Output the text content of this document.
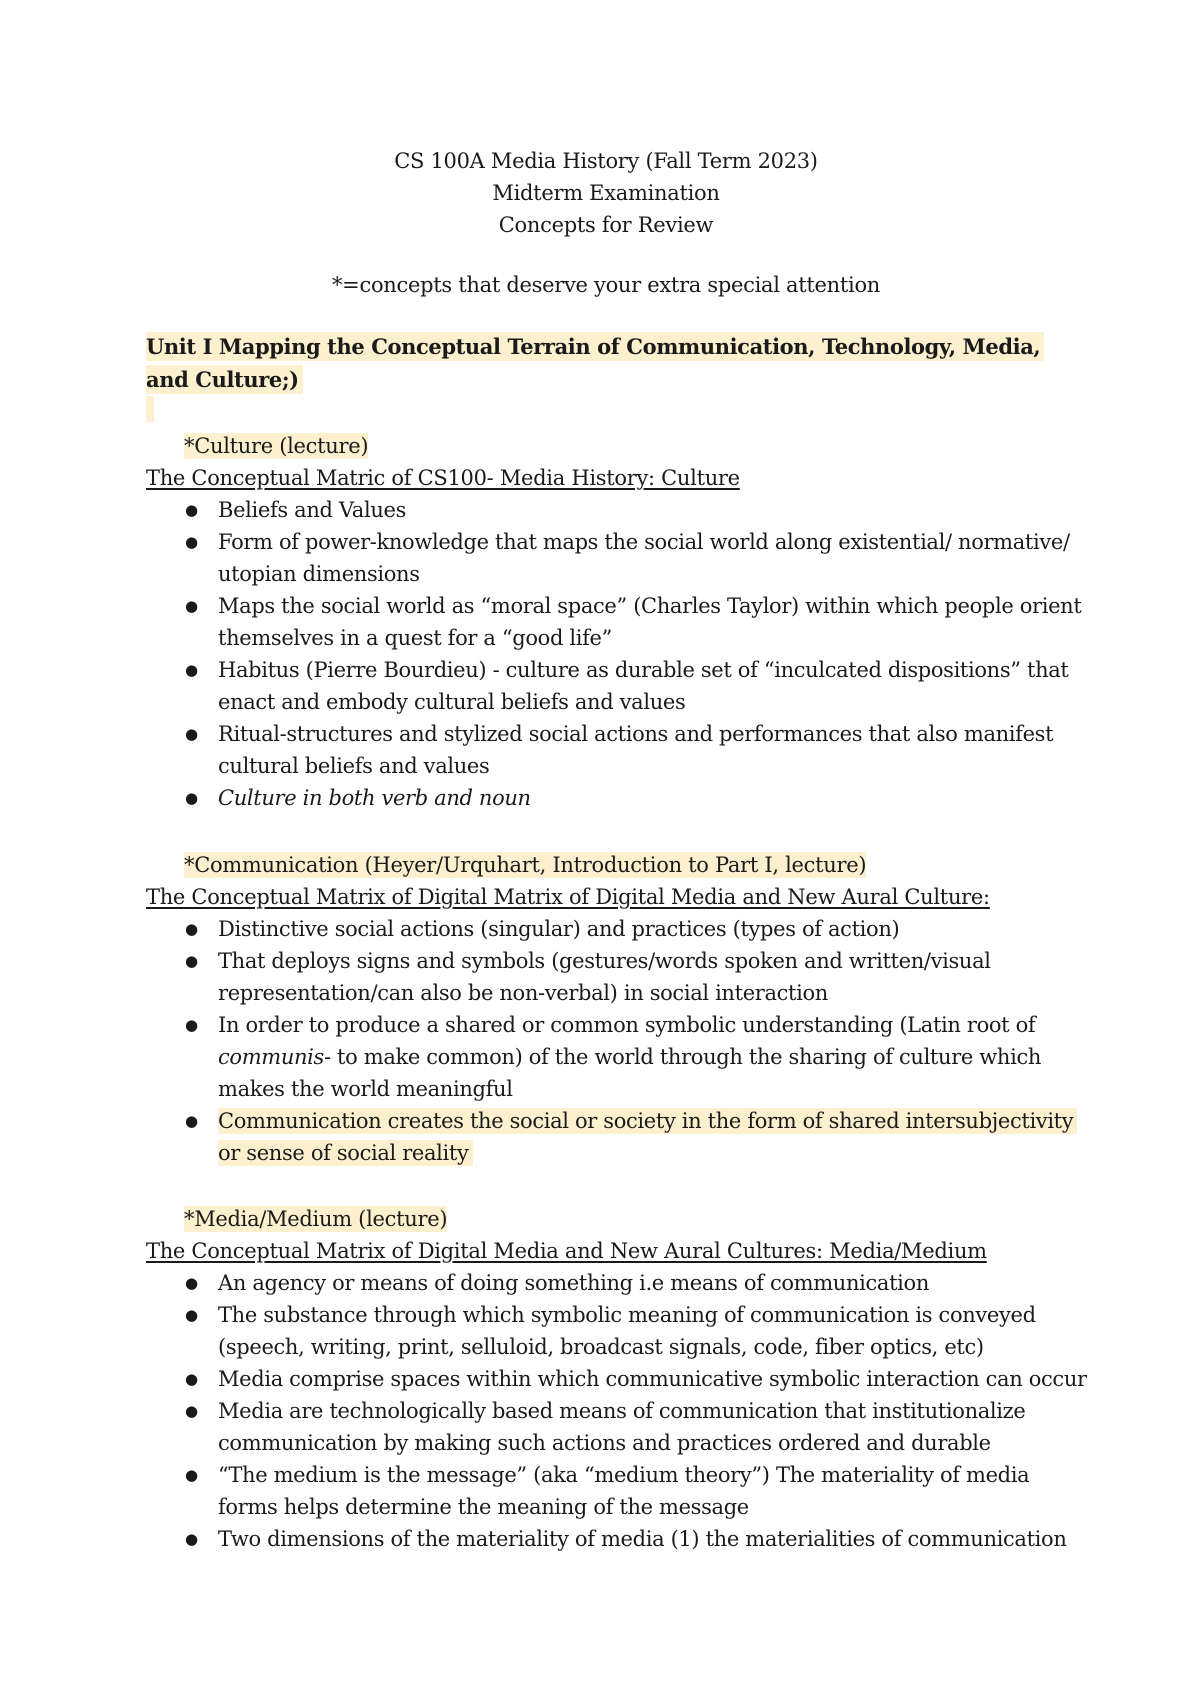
CS 100A Media History (Fall Term 2023)
Midterm Examination
Concepts for Review
*=concepts that deserve your extra special attention
Unit I Mapping the Conceptual Terrain of Communication, Technology, Media, and Culture;)
*Culture (lecture)
The Conceptual Matric of CS100- Media History: Culture
● Beliefs and Values
● Form of power-knowledge that maps the social world along existential/ normative/ utopian dimensions
● Maps the social world as “moral space” (Charles Taylor) within which people orient themselves in a quest for a “good life”
● Habitus (Pierre Bourdieu) - culture as durable set of “inculcated dispositions” that enact and embody cultural beliefs and values
● Ritual-structures and stylized social actions and performances that also manifest cultural beliefs and values
● Culture in both verb and noun
*Communication (Heyer/Urquhart, Introduction to Part I, lecture)
The Conceptual Matrix of Digital Matrix of Digital Media and New Aural Culture:
● Distinctive social actions (singular) and practices (types of action)
● That deploys signs and symbols (gestures/words spoken and written/visual representation/can also be non-verbal) in social interaction
● In order to produce a shared or common symbolic understanding (Latin root of communis- to make common) of the world through the sharing of culture which makes the world meaningful
● Communication creates the social or society in the form of shared intersubjectivity or sense of social reality
*Media/Medium (lecture)
The Conceptual Matrix of Digital Media and New Aural Cultures: Media/Medium
● An agency or means of doing something i.e means of communication
● The substance through which symbolic meaning of communication is conveyed (speech, writing, print, selluloid, broadcast signals, code, fiber optics, etc)
● Media comprise spaces within which communicative symbolic interaction can occur
● Media are technologically based means of communication that institutionalize communication by making such actions and practices ordered and durable
● “The medium is the message” (aka “medium theory”) The materiality of media forms helps determine the meaning of the message
● Two dimensions of the materiality of media (1) the materialities of communication
